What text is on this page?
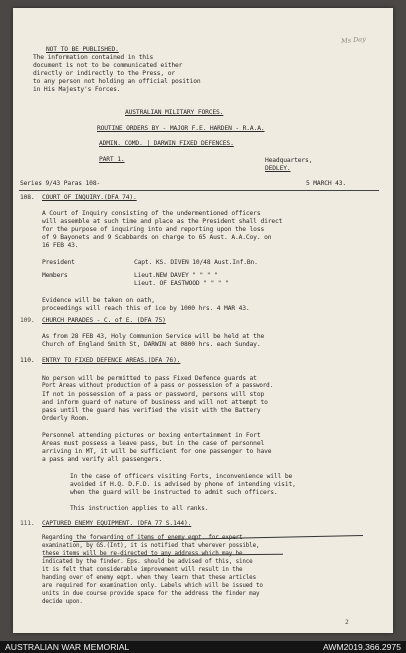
Ms Day
NOT TO BE PUBLISHED.
The information contained in this
document is not to be communicated either
directly or indirectly to the Press, or
to any person not holding an official position
in His Majesty's Forces.
AUSTRALIAN MILITARY FORCES.
ROUTINE ORDERS BY - MAJOR F.E. HARDEN - R.A.A.
ADMIN. COMD. | DARWIN FIXED DEFENCES.
PART 1.	Headquarters,
DEDLEY.
Series 9/43 Paras 108-	5 MARCH 43.
108. COURT OF INQUIRY.(DFA 74).
A Court of Inquiry consisting of the undermentioned officers
will assemble at such time and place as the President shall direct
for the purpose of inquiring into and reporting upon the loss
of 9 Bayonets and 9 Scabbards on charge to 65 Aust. A.A.Coy. on
16 FEB 43.
President	Capt. KS. DIVEN 10/48 Aust.Inf.Bn.
Members	Lieut.NEW DAVEY " " " "
Lieut. OF EASTWOOD " " " "
Evidence will be taken on oath,
proceedings will reach this of ice by 1000 hrs. 4 MAR 43.
109. CHURCH PARADES - C. of E. (DFA 75)
As from 28 FEB 43, Holy Communion Service will be held at the
Church of England Smith St, DARWIN at 0800 hrs. each Sunday.
110. ENTRY TO FIXED DEFENCE AREAS.(DFA 76).
No person will be permitted to pass Fixed Defence guards at
Port Areas without production of a pass or possession of a password.
If not in possession of a pass or password, persons will stop
and inform guard of nature of business and will not attempt to
pass until the guard has verified the visit with the Battery
Orderly Room.
Personnel attending pictures or boxing entertainment in Fort
Areas must possess a leave pass, but in the case of personnel
arriving in MT, it will be sufficient for one passenger to have
a pass and verify all passengers.
In the case of officers visiting Forts, inconvenience will be
avoided if H.Q. D.F.D. is advised by phone of intending visit,
when the guard will be instructed to admit such officers.
This instruction applies to all ranks.
111. CAPTURED ENEMY EQUIPMENT. (DFA 77 S.144).
Regarding the forwarding of items of enemy eqpt. for expert
examination, by GS.(Int), it is notified that wherever possible,
these items will be re-directed to any address which may be
indicated by the finder. Eps. should be advised of this, since
it is felt that considerable improvement will result in the
handing over of enemy eqpt. when they learn that these articles
are required for examination only. Labels which will be issued to
units in due course provide space for the address the finder may
decide upon.
2
AUSTRALIAN WAR MEMORIAL	AWM2019.366.2975
